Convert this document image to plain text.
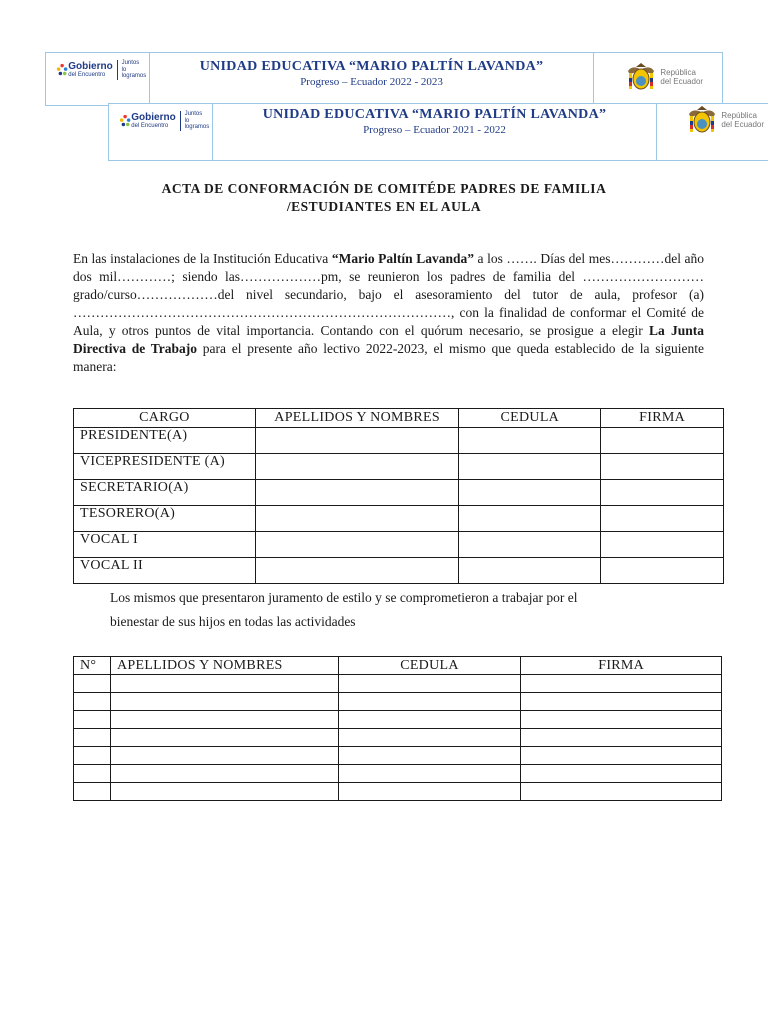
Gobierno
del Encuentro
Juntos
lo logramos
UNIDAD EDUCATIVA “MARIO PALTÍN LAVANDA”
Progreso – Ecuador 2022 - 2023
República
del Ecuador
Gobierno
del Encuentro
Juntos
lo logramos
UNIDAD EDUCATIVA “MARIO PALTÍN LAVANDA”
Progreso – Ecuador 2021 - 2022
República
del Ecuador
ACTA DE CONFORMACIÓN DE COMITÉDE PADRES DE FAMILIA
/ESTUDIANTES EN EL AULA

En las instalaciones de la Institución Educativa “Mario Paltín Lavanda” a los ……. Días del mes…………del año dos mil…………; siendo las………………pm, se reunieron los padres de familia del ………………………grado/curso………………del nivel secundario, bajo el asesoramiento del tutor de aula, profesor (a) …………………………………………………………………………, con la finalidad de conformar el Comité de Aula, y otros puntos de vital importancia. Contando con el quórum necesario, se prosigue a elegir La Junta Directiva de Trabajo para el presente año lectivo 2022-2023, el mismo que queda establecido de la siguiente manera:

CARGO	APELLIDOS Y NOMBRES	CEDULA	FIRMA
PRESIDENTE(A)			
VICEPRESIDENTE (A)			
SECRETARIO(A)			
TESORERO(A)			
VOCAL I			
VOCAL II			

Los mismos que presentaron juramento de estilo y se comprometieron a trabajar por el

bienestar de sus hijos en todas las actividades

N°	APELLIDOS Y NOMBRES	CEDULA	FIRMA
